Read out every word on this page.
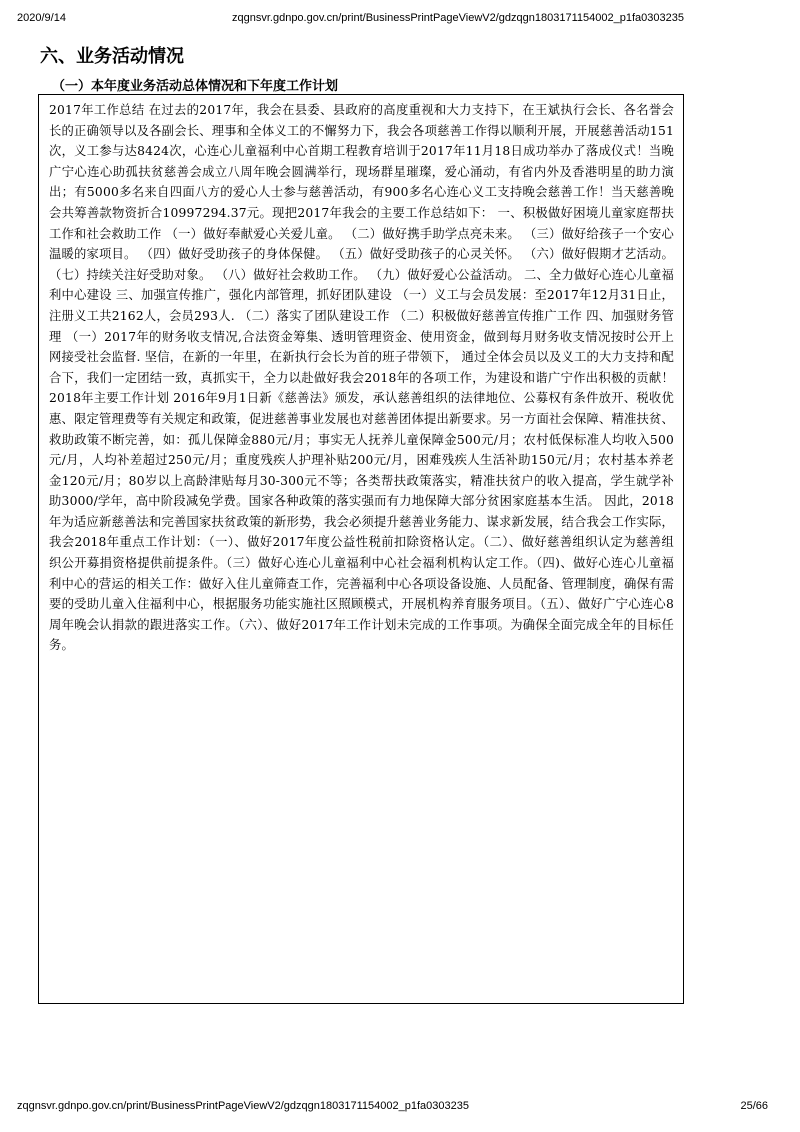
2020/9/14	zqgnsvr.gdnpo.gov.cn/print/BusinessPrintPageViewV2/gdzqgn1803171154002_p1fa0303235
六、业务活动情况
（一）本年度业务活动总体情况和下年度工作计划
2017年工作总结 在过去的2017年，我会在县委、县政府的高度重视和大力支持下，在王斌执行会长、各名誉会长的正确领导以及各副会长、理事和全体义工的不懈努力下，我会各项慈善工作得以顺利开展，开展慈善活动151次，义工参与达8424次，心连心儿童福利中心首期工程教育培训于2017年11月18日成功举办了落成仪式！当晚广宁心连心助孤扶贫慈善会成立八周年晚会圆满举行，现场群星璀璨，爱心涌动，有省内外及香港明星的助力演出；有5000多名来自四面八方的爱心人士参与慈善活动，有900多名心连心义工支持晚会慈善工作！当天慈善晚会共筹善款物资折合10997294.37元。现把2017年我会的主要工作总结如下： 一、积极做好困境儿童家庭帮扶工作和社会救助工作 （一）做好奉献爱心关爱儿童。 （二）做好携手助学点亮未来。 （三）做好给孩子一个安心温暖的家项目。 （四）做好受助孩子的身体保健。 （五）做好受助孩子的心灵关怀。 （六）做好假期才艺活动。 （七）持续关注好受助对象。 （八）做好社会救助工作。 （九）做好爱心公益活动。 二、全力做好心连心儿童福利中心建设 三、加强宣传推广，强化内部管理，抓好团队建设 （一）义工与会员发展：至2017年12月31日止，注册义工共2162人，会员293人. （二）落实了团队建设工作 （二）积极做好慈善宣传推广工作 四、加强财务管理 （一）2017年的财务收支情况,合法资金筹集、透明管理资金、使用资金，做到每月财务收支情况按时公开上网接受社会监督. 坚信，在新的一年里，在新执行会长为首的班子带领下， 通过全体会员以及义工的大力支持和配合下，我们一定团结一致，真抓实干，全力以赴做好我会2018年的各项工作，为建设和谐广宁作出积极的贡献！ 2018年主要工作计划 2016年9月1日新《慈善法》颁发，承认慈善组织的法律地位、公募权有条件放开、税收优惠、限定管理费等有关规定和政策，促进慈善事业发展也对慈善团体提出新要求。另一方面社会保障、精准扶贫、救助政策不断完善，如：孤儿保障金880元/月；事实无人抚养儿童保障金500元/月；农村低保标准人均收入500元/月，人均补差超过250元/月；重度残疾人护理补贴200元/月，困难残疾人生活补助150元/月；农村基本养老金120元/月；80岁以上高龄津贴每月30-300元不等；各类帮扶政策落实，精准扶贫户的收入提高，学生就学补助3000/学年，高中阶段减免学费。国家各种政策的落实强而有力地保障大部分贫困家庭基本生活。 因此，2018年为适应新慈善法和完善国家扶贫政策的新形势，我会必须提升慈善业务能力、谋求新发展，结合我会工作实际，我会2018年重点工作计划：（一）、做好2017年度公益性税前扣除资格认定。（二）、做好慈善组织认定为慈善组织公开募捐资格提供前提条件。（三）做好心连心儿童福利中心社会福利机构认定工作。（四)、做好心连心儿童福利中心的营运的相关工作：做好入住儿童筛查工作，完善福利中心各项设备设施、人员配备、管理制度，确保有需要的受助儿童入住福利中心，根据服务功能实施社区照顾模式，开展机构养育服务项目。（五）、做好广宁心连心8周年晚会认捐款的跟进落实工作。（六）、做好2017年工作计划未完成的工作事项。为确保全面完成全年的目标任务。
zqgnsvr.gdnpo.gov.cn/print/BusinessPrintPageViewV2/gdzqgn1803171154002_p1fa0303235	25/66
